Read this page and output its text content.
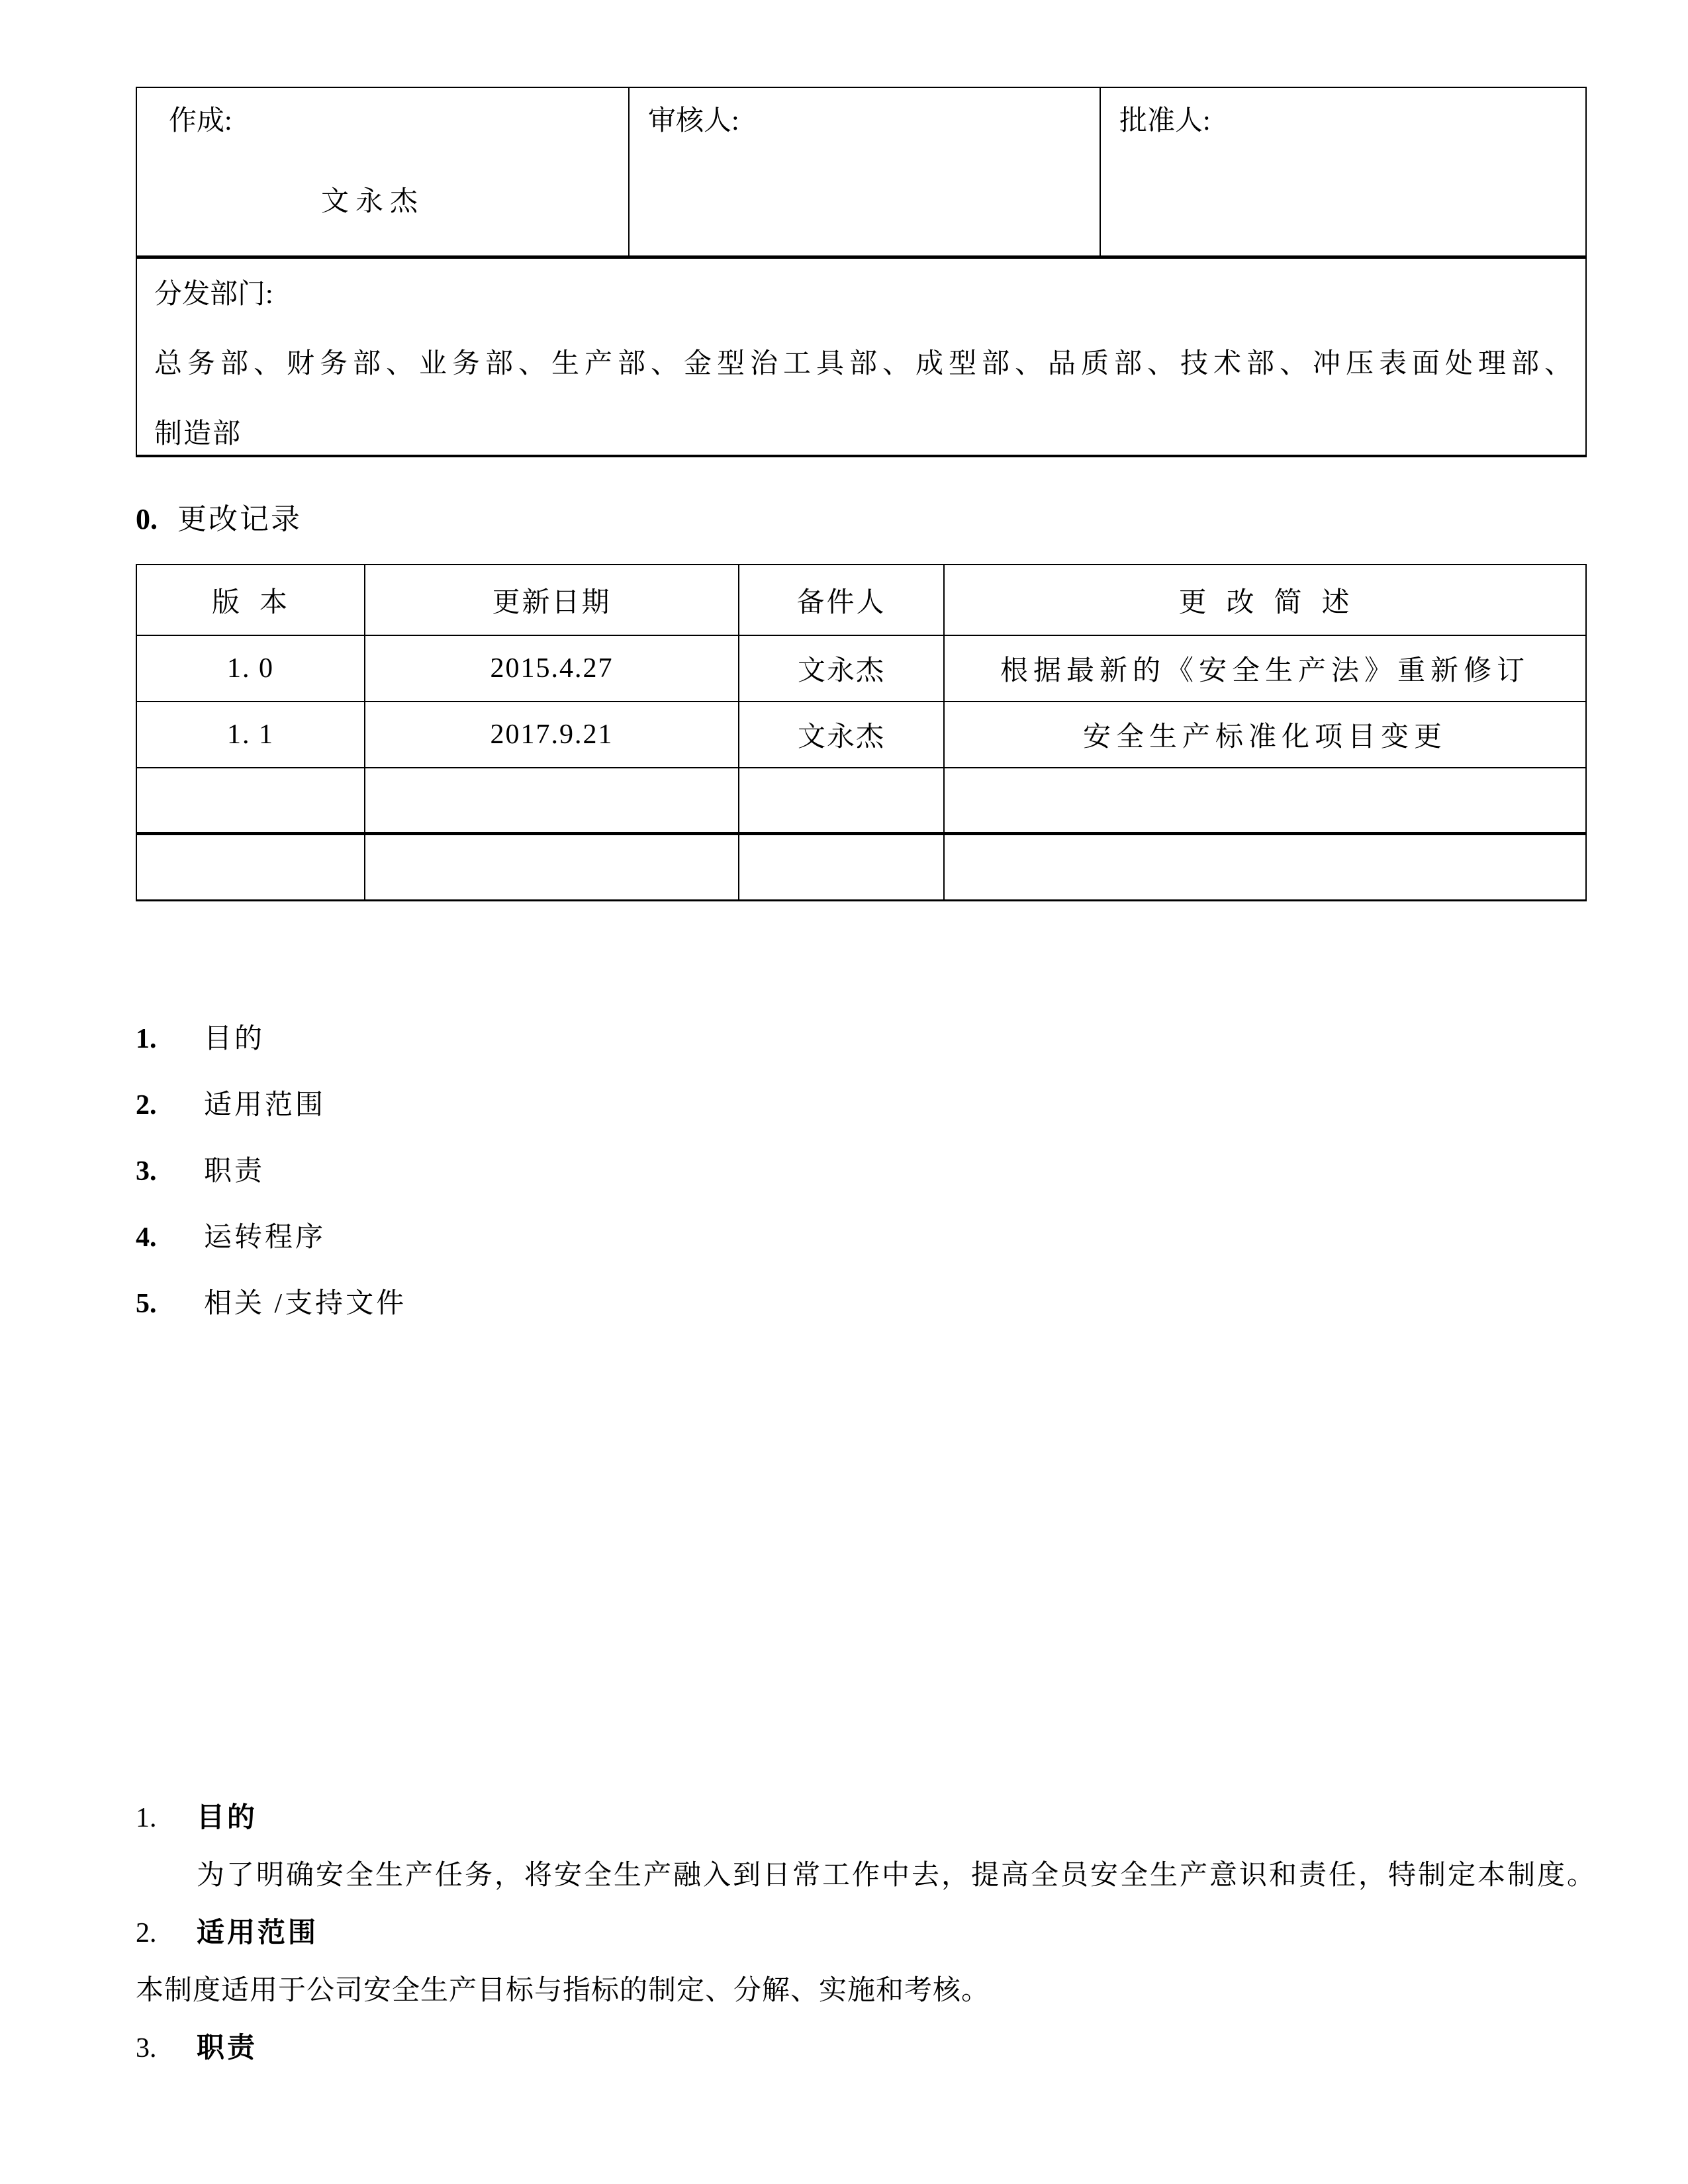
作成:
文永杰

审核人:	批准人:

分发部门:
总务部、财务部、业务部、生产部、金型治工具部、成型部、品质部、技术部、冲压表面处理部、
制造部
0. 更改记录
版  本	更新日期	备件人	更  改  简  述
1. 0	2015.4.27	文永杰	根据最新的《安全生产法》重新修订
1. 1	2017.9.21	文永杰	安全生产标准化项目变更

1. 目的
2. 适用范围
3. 职责
4. 运转程序
5. 相关 /支持文件
1. 目的
为了明确安全生产任务，将安全生产融入到日常工作中去，提高全员安全生产意识和责任，特制定本制度。
2. 适用范围
本制度适用于公司安全生产目标与指标的制定、分解、实施和考核。
3. 职责
